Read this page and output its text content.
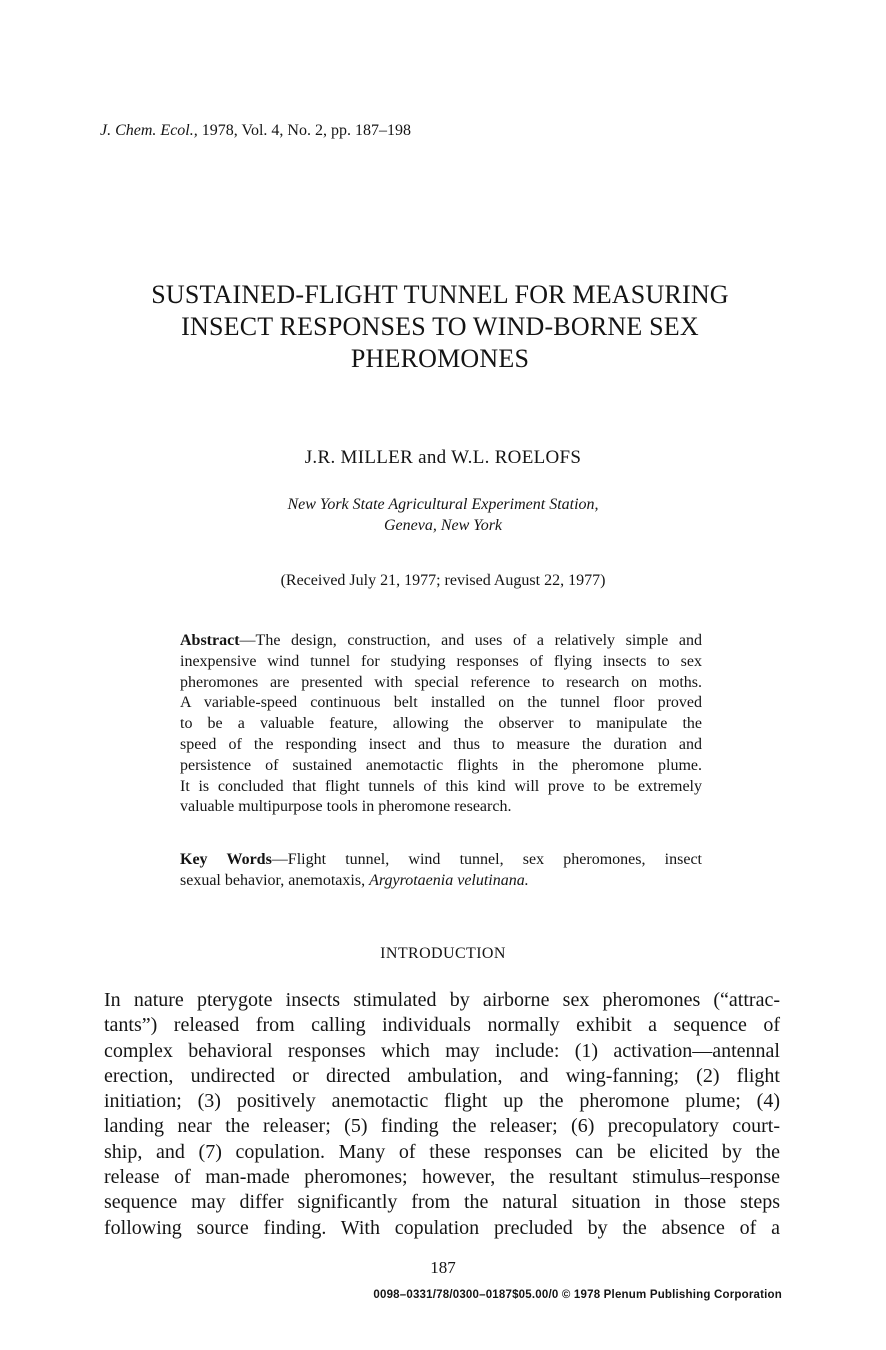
J. Chem. Ecol., 1978, Vol. 4, No. 2, pp. 187–198
SUSTAINED-FLIGHT TUNNEL FOR MEASURING
INSECT RESPONSES TO WIND-BORNE SEX
PHEROMONES
J.R. MILLER and W.L. ROELOFS
New York State Agricultural Experiment Station,
Geneva, New York
(Received July 21, 1977; revised August 22, 1977)
Abstract—The design, construction, and uses of a relatively simple and
inexpensive wind tunnel for studying responses of flying insects to sex
pheromones are presented with special reference to research on moths.
A variable-speed continuous belt installed on the tunnel floor proved
to be a valuable feature, allowing the observer to manipulate the
speed of the responding insect and thus to measure the duration and
persistence of sustained anemotactic flights in the pheromone plume.
It is concluded that flight tunnels of this kind will prove to be extremely
valuable multipurpose tools in pheromone research.
Key Words—Flight tunnel, wind tunnel, sex pheromones, insect
sexual behavior, anemotaxis, Argyrotaenia velutinana.
INTRODUCTION
In nature pterygote insects stimulated by airborne sex pheromones (“attrac-
tants”) released from calling individuals normally exhibit a sequence of
complex behavioral responses which may include: (1) activation—antennal
erection, undirected or directed ambulation, and wing-fanning; (2) flight
initiation; (3) positively anemotactic flight up the pheromone plume; (4)
landing near the releaser; (5) finding the releaser; (6) precopulatory court-
ship, and (7) copulation. Many of these responses can be elicited by the
release of man-made pheromones; however, the resultant stimulus–response
sequence may differ significantly from the natural situation in those steps
following source finding. With copulation precluded by the absence of a
187
0098–0331/78/0300–0187$05.00/0 © 1978 Plenum Publishing Corporation
